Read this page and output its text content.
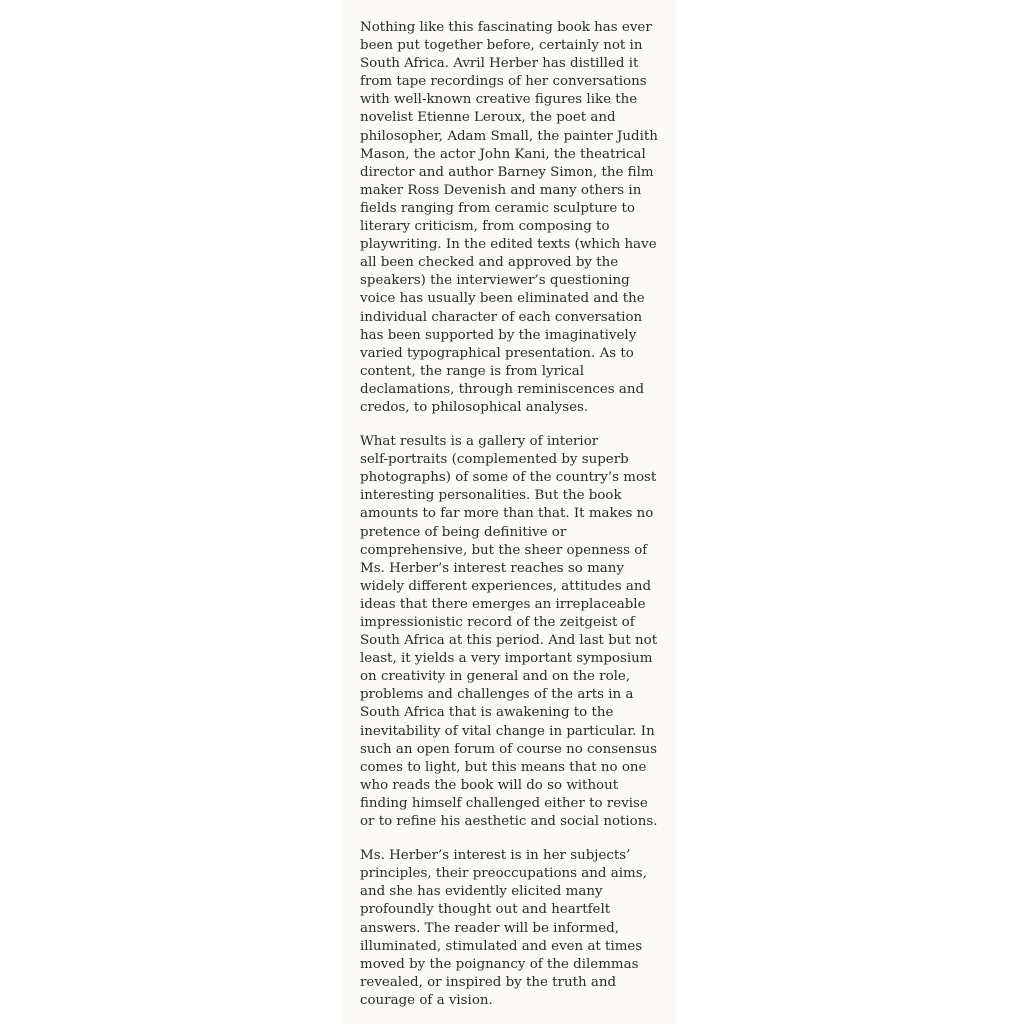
Nothing like this fascinating book has ever
been put together before, certainly not in
South Africa. Avril Herber has distilled it
from tape recordings of her conversations
with well-known creative figures like the
novelist Etienne Leroux, the poet and
philosopher, Adam Small, the painter Judith
Mason, the actor John Kani, the theatrical
director and author Barney Simon, the film
maker Ross Devenish and many others in
fields ranging from ceramic sculpture to
literary criticism, from composing to
playwriting. In the edited texts (which have
all been checked and approved by the
speakers) the interviewer’s questioning
voice has usually been eliminated and the
individual character of each conversation
has been supported by the imaginatively
varied typographical presentation. As to
content, the range is from lyrical
declamations, through reminiscences and
credos, to philosophical analyses.

What results is a gallery of interior
self-portraits (complemented by superb
photographs) of some of the country’s most
interesting personalities. But the book
amounts to far more than that. It makes no
pretence of being definitive or
comprehensive, but the sheer openness of
Ms. Herber’s interest reaches so many
widely different experiences, attitudes and
ideas that there emerges an irreplaceable
impressionistic record of the zeitgeist of
South Africa at this period. And last but not
least, it yields a very important symposium
on creativity in general and on the role,
problems and challenges of the arts in a
South Africa that is awakening to the
inevitability of vital change in particular. In
such an open forum of course no consensus
comes to light, but this means that no one
who reads the book will do so without
finding himself challenged either to revise
or to refine his aesthetic and social notions.

Ms. Herber’s interest is in her subjects’
principles, their preoccupations and aims,
and she has evidently elicited many
profoundly thought out and heartfelt
answers. The reader will be informed,
illuminated, stimulated and even at times
moved by the poignancy of the dilemmas
revealed, or inspired by the truth and
courage of a vision.
